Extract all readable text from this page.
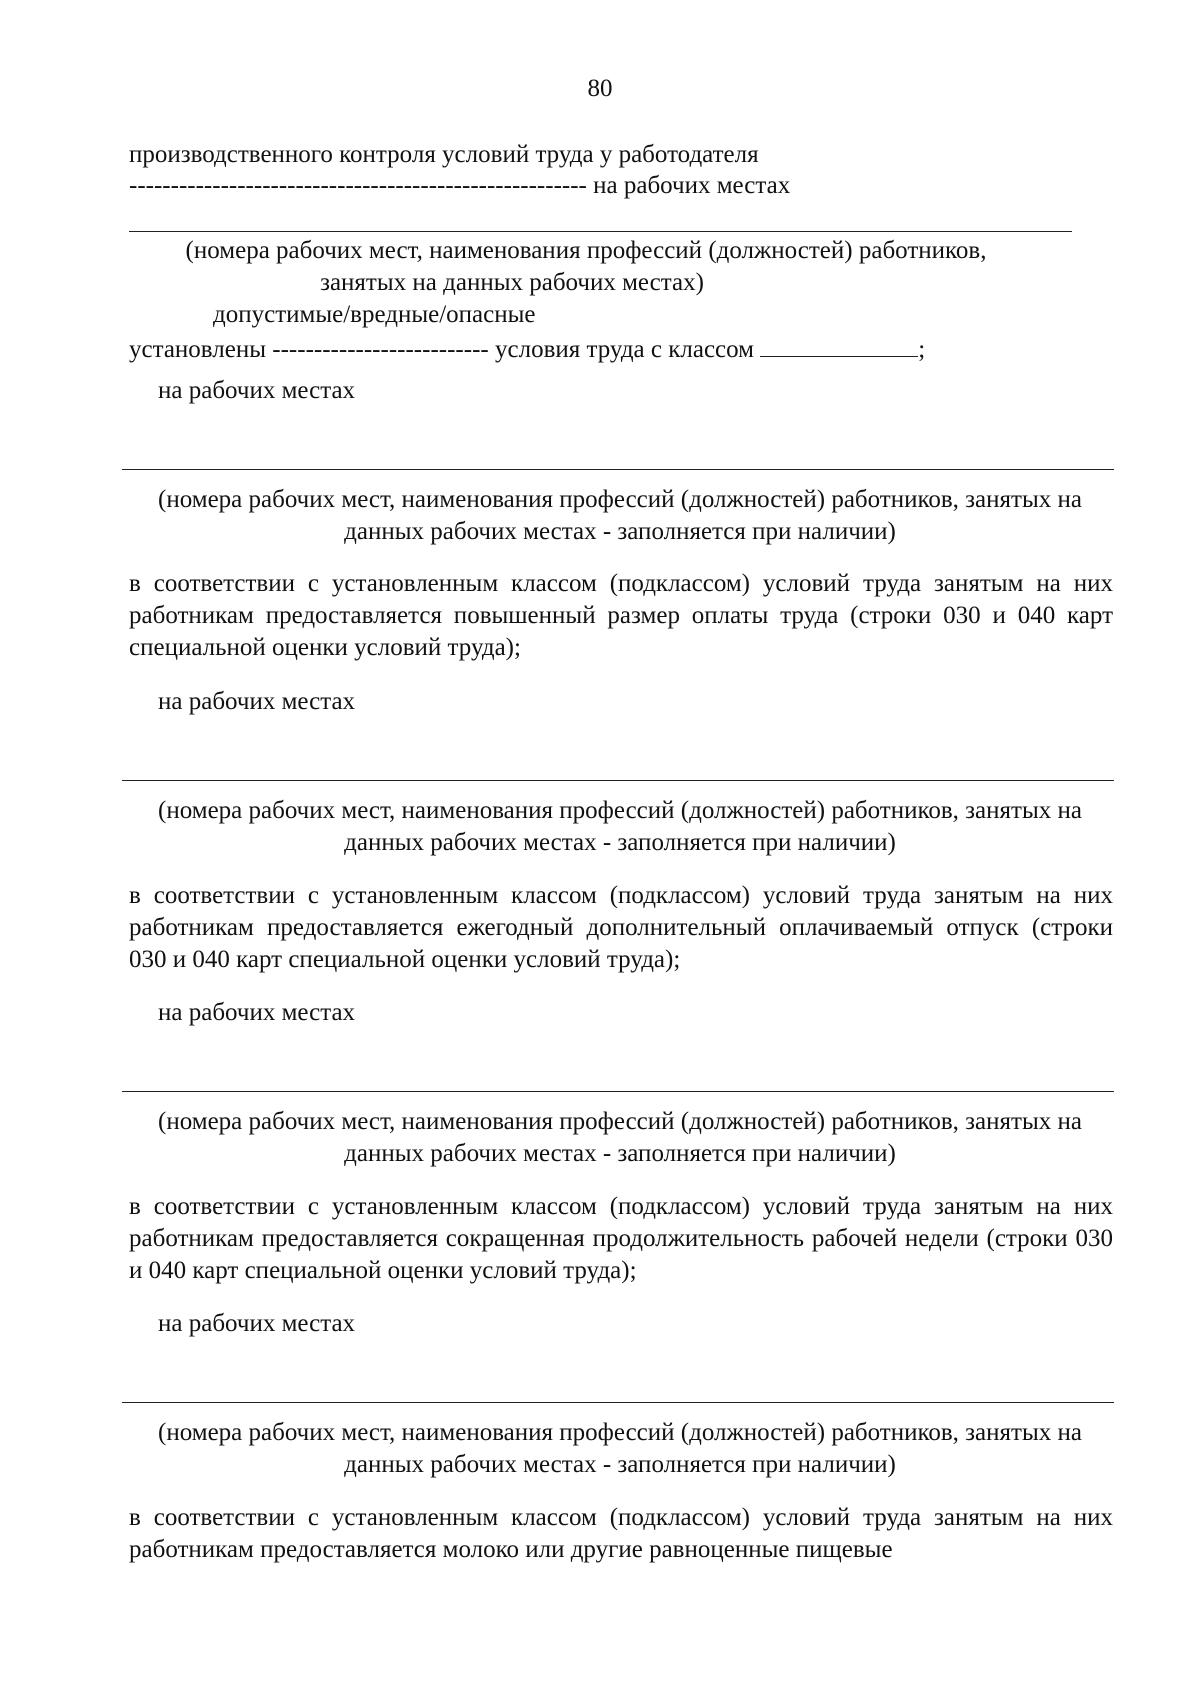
80
производственного контроля условий труда у работодателя
------------------------------------------------------- на рабочих местах
(номера рабочих мест, наименования профессий (должностей) работников,
занятых на данных рабочих местах)
допустимые/вредные/опасные
установлены -------------------------- условия труда с классом	;
на рабочих местах
(номера рабочих мест, наименования профессий (должностей) работников, занятых на данных рабочих местах - заполняется при наличии)
в соответствии с установленным классом (подклассом) условий труда занятым на них работникам предоставляется повышенный размер оплаты труда (строки 030 и 040 карт специальной оценки условий труда);
на рабочих местах
(номера рабочих мест, наименования профессий (должностей) работников, занятых на данных рабочих местах - заполняется при наличии)
в соответствии с установленным классом (подклассом) условий труда занятым на них работникам предоставляется ежегодный дополнительный оплачиваемый отпуск (строки 030 и 040 карт специальной оценки условий труда);
на рабочих местах
(номера рабочих мест, наименования профессий (должностей) работников, занятых на данных рабочих местах - заполняется при наличии)
в соответствии с установленным классом (подклассом) условий труда занятым на них работникам предоставляется сокращенная продолжительность рабочей недели (строки 030 и 040 карт специальной оценки условий труда);
на рабочих местах
(номера рабочих мест, наименования профессий (должностей) работников, занятых на данных рабочих местах - заполняется при наличии)
в соответствии с установленным классом (подклассом) условий труда занятым на них работникам предоставляется молоко или другие равноценные пищевые
